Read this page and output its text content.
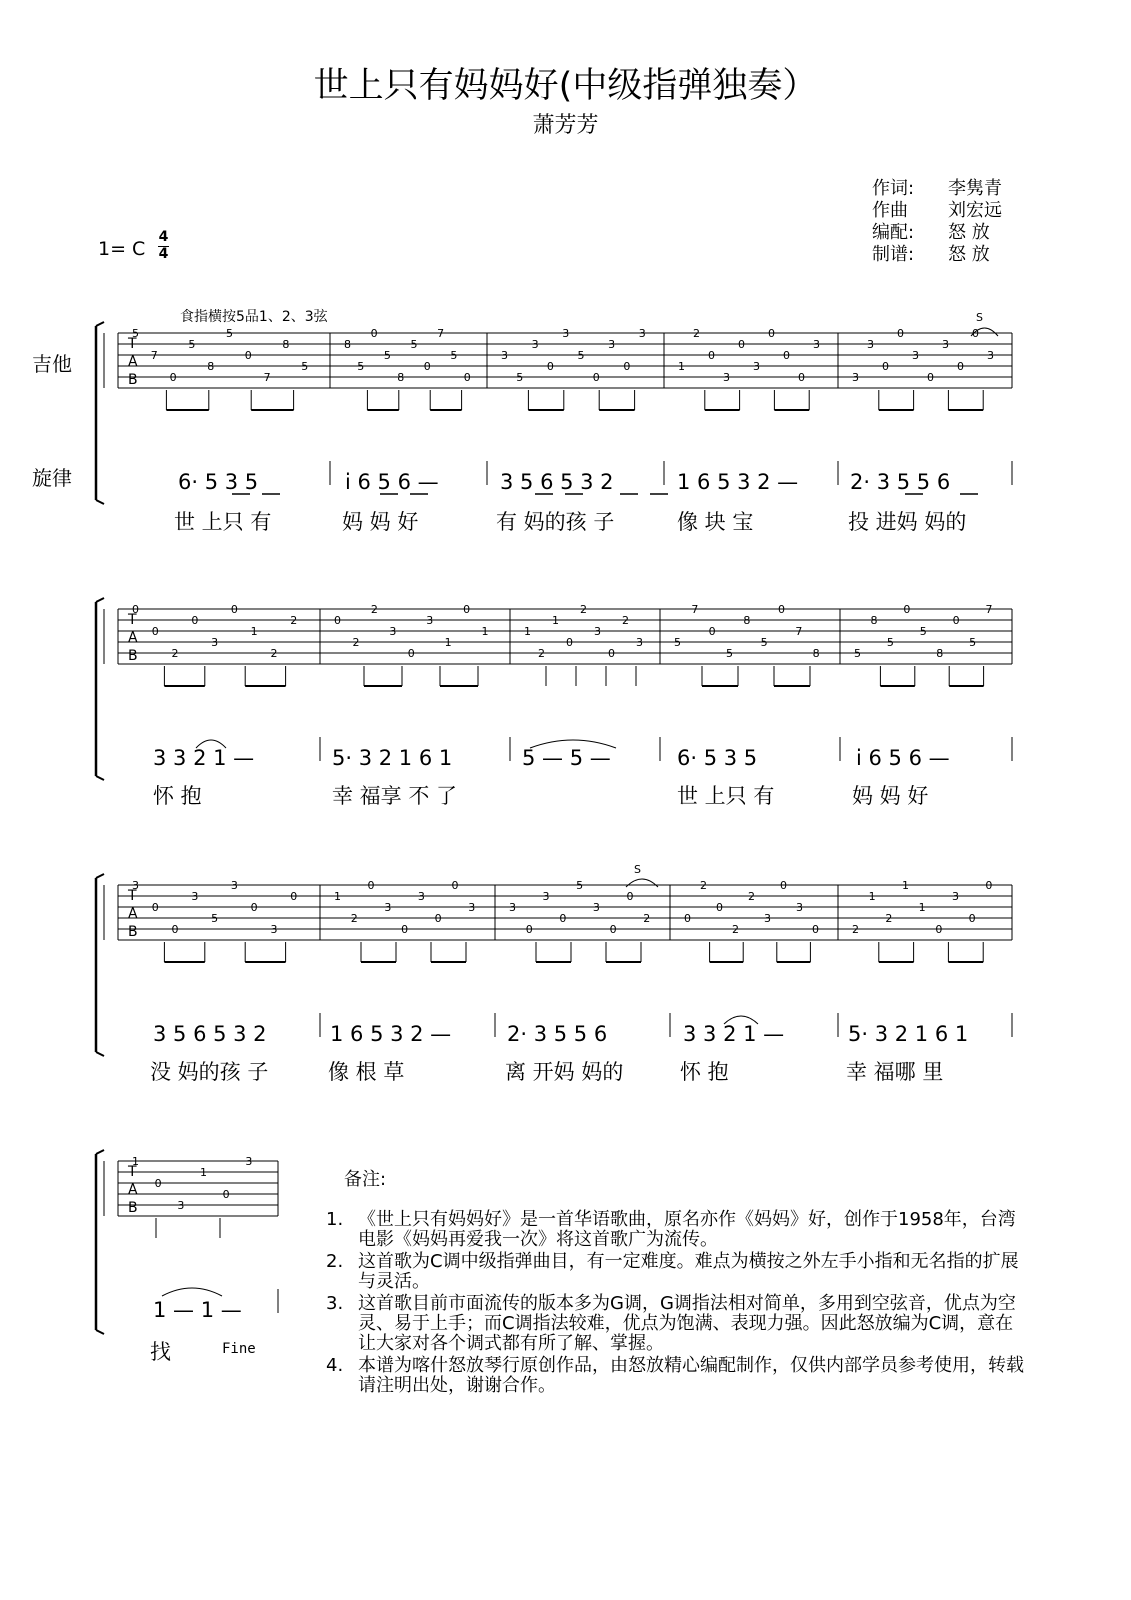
世上只有妈妈好(中级指弹独奏）
萧芳芳
作词: 李隽青
作曲 刘宏远
编配: 怒 放
制谱: 怒 放
1= C
4
4
吉他
旋律
食指横按5品1、2、3弦
T
A
B
5
7
0
5
8
5
0
7
8
5
8
5
0
5
8
5
0
7
5
0
3
5
3
0
3
5
0
3
0
3
1
2
0
3
0
3
0
0
0
3
3
3
0
0
3
0
3
0
0
3
T
A
B
0
0
2
0
3
0
1
2
2	0
2
2
3
0
3
1
0
1	1
2
1
0
2
3
0
2
3	5
7
0
5
8
5
0
7
8	5
8
5
0
5
8
0
5
7
T
A
B
3
0
0
3
5
3
0
3
0	1
2
0
3
0
3
0
0
3	3
0
3
0
5
3
0
0
2	0
2
0
2
2
3
0
3
0	2
1
2
1
1
0
3
0
0
T
A
B
1
0
3
1
0
3
S
S
6· 5 3 5	i 6 5 6 —	3 5 6 5 3 2	1 6 5 3 2 — 2· 3 5 5 6
世 上只 有	妈 妈 好	有 妈的孩 子	像 块 宝	投 进妈 妈的
3 3 2 1 —	5· 3 2 1 6 1	5 — 5 —	6· 5 3 5	i 6 5 6 —
怀 抱	幸 福享 不 了	世 上只 有	妈 妈 好
3 5 6 5 3 2	1 6 5 3 2 —	2· 3 5 5 6	3 3 2 1 —	5· 3 2 1 6 1
没 妈的孩 子	像 根 草	离 开妈 妈的	怀 抱	幸 福哪 里
1 — 1 —
找	Fine
备注:
1. 《世上只有妈妈好》是一首华语歌曲，原名亦作《妈妈》好，创作于1958年，台湾电影《妈妈再爱我一次》将这首歌广为流传。
2. 这首歌为C调中级指弹曲目，有一定难度。难点为横按之外左手小指和无名指的扩展与灵活。
3. 这首歌目前市面流传的版本多为G调，G调指法相对简单，多用到空弦音，优点为空灵、易于上手；而C调指法较难，优点为饱满、表现力强。因此怒放编为C调，意在让大家对各个调式都有所了解、掌握。
4. 本谱为喀什怒放琴行原创作品，由怒放精心编配制作，仅供内部学员参考使用，转载请注明出处，谢谢合作。
